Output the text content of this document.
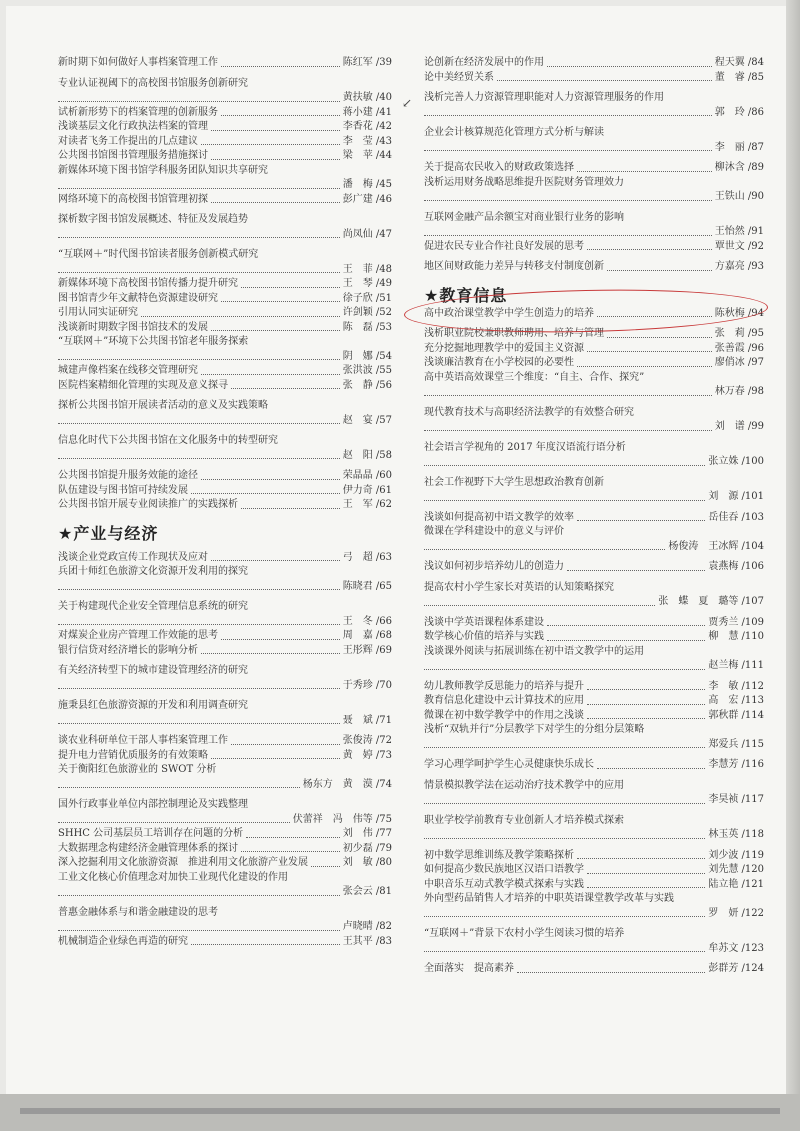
新时期下如何做好人事档案管理工作	陈红军 /39
专业认证视阈下的高校图书馆服务创新研究
黄扶敏 /40
试析新形势下的档案管理的创新服务	蒋小建 /41
浅谈基层文化行政执法档案的管理	李香花 /42
对读者飞务工作提出的几点建议	李　莹 /43
公共图书馆图书管理服务措施探讨	梁　苹 /44
新媒体环境下图书馆学科服务团队知识共享研究
潘　梅 /45
网络环境下的高校图书馆管理初探	彭广建 /46
探析数字图书馆发展概述、特征及发展趋势
尚凤仙 /47
“互联网＋”时代图书馆读者服务创新模式研究
王　菲 /48
新媒体环境下高校图书馆传播力提升研究	王　琴 /49
图书馆青少年文献特色资源建设研究	徐子欣 /51
引用认同实证研究	许剑颖 /52
浅谈新时期数字图书馆技术的发展	陈　磊 /53
“互联网＋”环境下公共图书馆老年服务探索
阴　娜 /54
城建声像档案在线移交管理研究	张洪波 /55
医院档案精细化管理的实现及意义探寻	张　静 /56
探析公共图书馆开展读者活动的意义及实践策略
赵　宴 /57
信息化时代下公共图书馆在文化服务中的转型研究
赵　阳 /58
公共图书馆提升服务效能的途径	荣晶晶 /60
队伍建设与图书馆可持续发展	伊力奇 /61
公共图书馆开展专业阅读推广的实践探析	王　军 /62
★产业与经济
浅谈企业党政宣传工作现状及应对	弓　超 /63
兵团十师红色旅游文化资源开发利用的探究
陈晓君 /65
关于构建现代企业安全管理信息系统的研究
王　冬 /66
对煤炭企业房产管理工作效能的思考	周　嘉 /68
银行信贷对经济增长的影响分析	王彤辉 /69
有关经济转型下的城市建设管理经济的研究
于秀珍 /70
施秉县红色旅游资源的开发和利用调查研究
聂　斌 /71
谈农业科研单位干部人事档案管理工作	张俊涛 /72
提升电力营销优质服务的有效策略	黄　婷 /73
关于衡阳红色旅游业的 SWOT 分析
杨东方　黄　漠 /74
国外行政事业单位内部控制理论及实践整理
伏蕾祥　冯　伟等 /75
SHHC 公司基层员工培训存在问题的分析	刘　伟 /77
大数据理念构建经济金融管理体系的探讨	初少磊 /79
深入挖掘利用文化旅游资源　推进利用文化旅游产业发展	刘　敏 /80
工业文化核心价值理念对加快工业现代化建设的作用
张会云 /81
普惠金融体系与和谐金融建设的思考
卢晓晴 /82
机械制造企业绿色再造的研究	王其平 /83
论创新在经济发展中的作用	程天翼 /84
论中美经贸关系	董　睿 /85
浅析完善人力资源管理职能对人力资源管理服务的作用
郭　玲 /86
企业会计核算规范化管理方式分析与解读
李　丽 /87
关于提高农民收入的财政政策选择	柳沐含 /89
浅析运用财务战略思维提升医院财务管理效力
王铁山 /90
互联网金融产品余额宝对商业银行业务的影响
王怡然 /91
促进农民专业合作社良好发展的思考	覃世文 /92
地区间财政能力差异与转移支付制度创新	方嘉亮 /93
★教育信息
高中政治课堂教学中学生创造力的培养	陈秋梅 /94
浅析职业院校兼职教师聘用、培养与管理	张　莉 /95
充分挖掘地理教学中的爱国主义资源	张善霞 /96
浅谈廉洁教育在小学校园的必要性	廖俏冰 /97
高中英语高效课堂三个维度：“自主、合作、探究”
林万春 /98
现代教育技术与高职经济法教学的有效整合研究
刘　谱 /99
社会语言学视角的 2017 年度汉语流行语分析
张立姝 /100
社会工作视野下大学生思想政治教育创新
刘　源 /101
浅谈如何提高初中语文教学的效率	岳佳吞 /103
微课在学科建设中的意义与评价
杨俊涛　王冰辉 /104
浅议如何初步培养幼儿的创造力	袁燕梅 /106
提高农村小学生家长对英语的认知策略探究
张　蝶　夏　璐等 /107
浅谈中学英语课程体系建设	贾秀兰 /109
数学核心价值的培养与实践	柳　慧 /110
浅谈课外阅读与拓展训练在初中语文教学中的运用
赵兰梅 /111
幼儿教师教学反思能力的培养与提升	李　敏 /112
教育信息化建设中云计算技术的应用	高　宏 /113
微课在初中数学教学中的作用之浅谈	郭秋群 /114
浅析“双轨并行”分层教学下对学生的分组分层策略
郑爱兵 /115
学习心理学呵护学生心灵健康快乐成长	李慧芳 /116
情景模拟教学法在运动治疗技术教学中的应用
李昊祯 /117
职业学校学前教育专业创新人才培养模式探索
林玉英 /118
初中数学思维训练及教学策略探析	刘少波 /119
如何提高少数民族地区汉语口语教学	刘先慧 /120
中职音乐互动式教学模式探索与实践	陆立艳 /121
外向型药品销售人才培养的中职英语课堂教学改革与实践
罗　妍 /122
“互联网＋”背景下农村小学生阅读习惯的培养
牟苏文 /123
全面落实　提高素养	彭群芳 /124
↙
